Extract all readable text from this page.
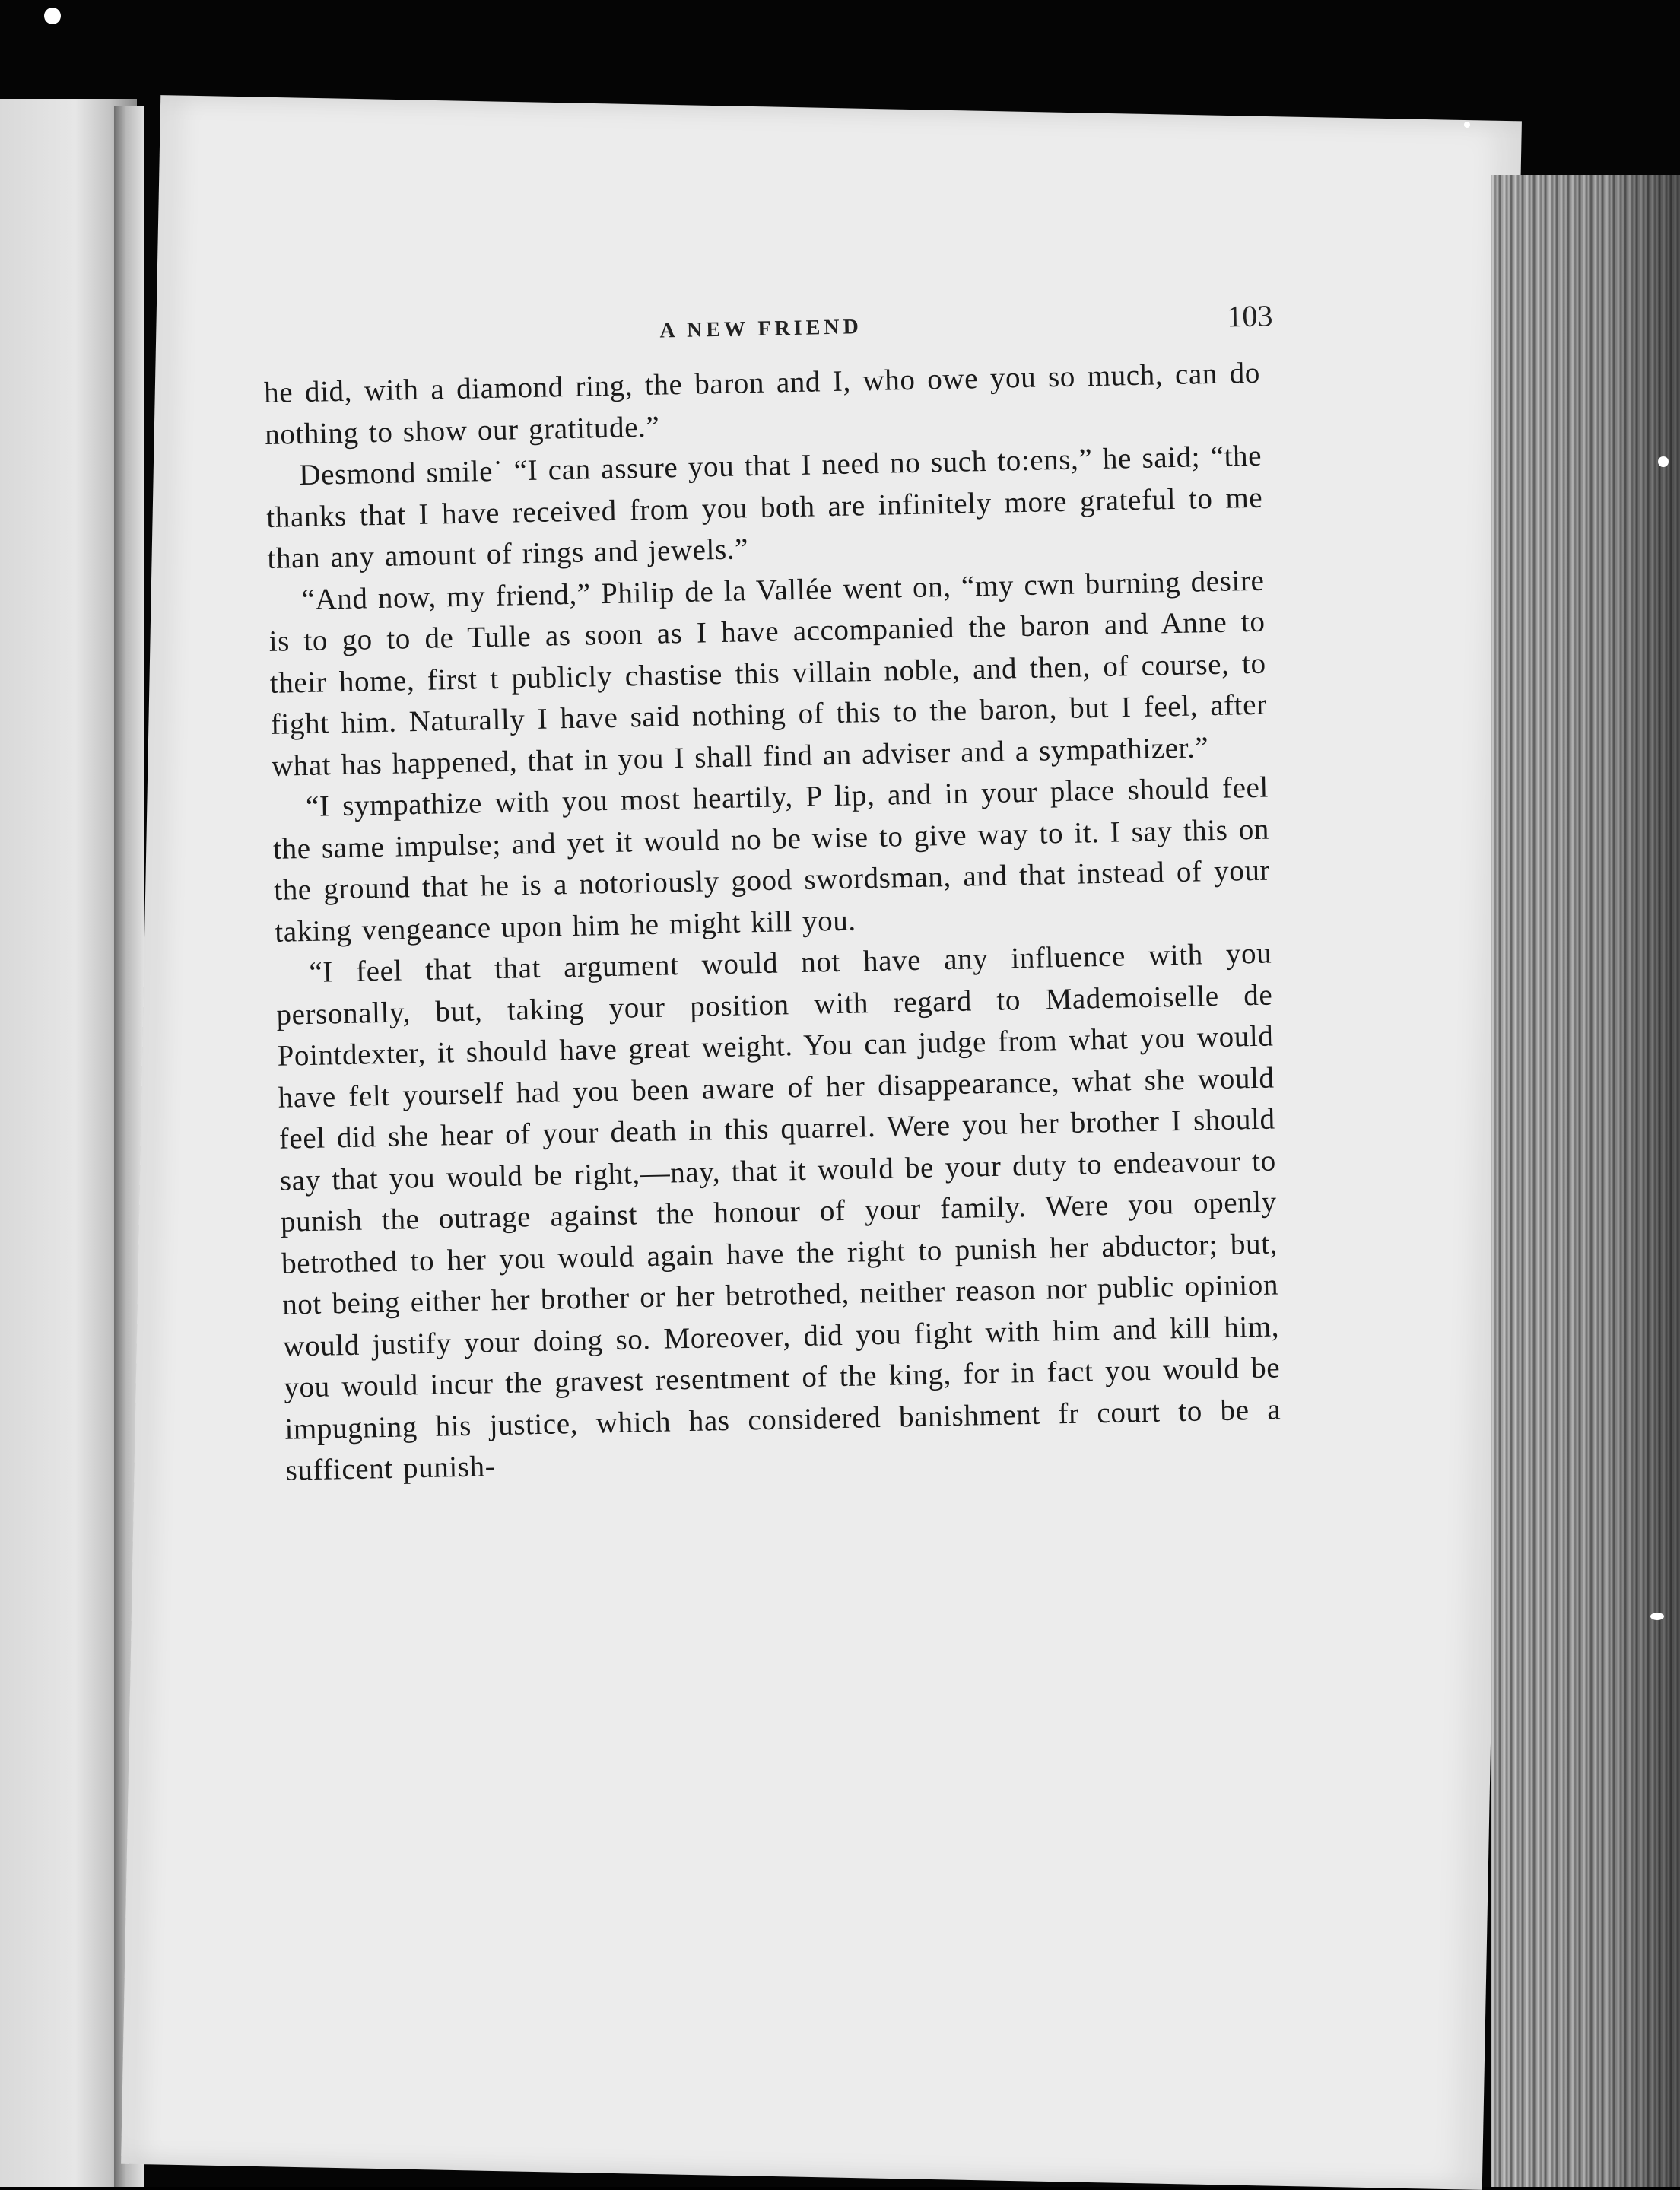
A NEW FRIEND	103

he did, with a diamond ring, the baron and I, who owe you so much, can do nothing to show our gratitude.”

Desmond smile˙ “I can assure you that I need no such to:ens,” he said; “the thanks that I have received from you both are infinitely more grateful to me than any amount of rings and jewels.”

“And now, my friend,” Philip de la Vallée went on, “my cwn burning desire is to go to de Tulle as soon as I have accompanied the baron and Anne to their home, first t publicly chastise this villain noble, and then, of course, to fight him. Naturally I have said nothing of this to the baron, but I feel, after what has happened, that in you I shall find an adviser and a sympathizer.”

“I sympathize with you most heartily, P lip, and in your place should feel the same impulse; and yet it would no be wise to give way to it. I say this on the ground that he is a notoriously good swordsman, and that instead of your taking vengeance upon him he might kill you.

“I feel that that argument would not have any influence with you personally, but, taking your position with regard to Mademoiselle de Pointdexter, it should have great weight. You can judge from what you would have felt yourself had you been aware of her disappearance, what she would feel did she hear of your death in this quarrel. Were you her brother I should say that you would be right,—nay, that it would be your duty to endeavour to punish the outrage against the honour of your family. Were you openly betrothed to her you would again have the right to punish her abductor; but, not being either her brother or her betrothed, neither reason nor public opinion would justify your doing so. Moreover, did you fight with him and kill him, you would incur the gravest resentment of the king, for in fact you would be impugning his justice, which has considered banishment fr court to be a sufficent punish-
